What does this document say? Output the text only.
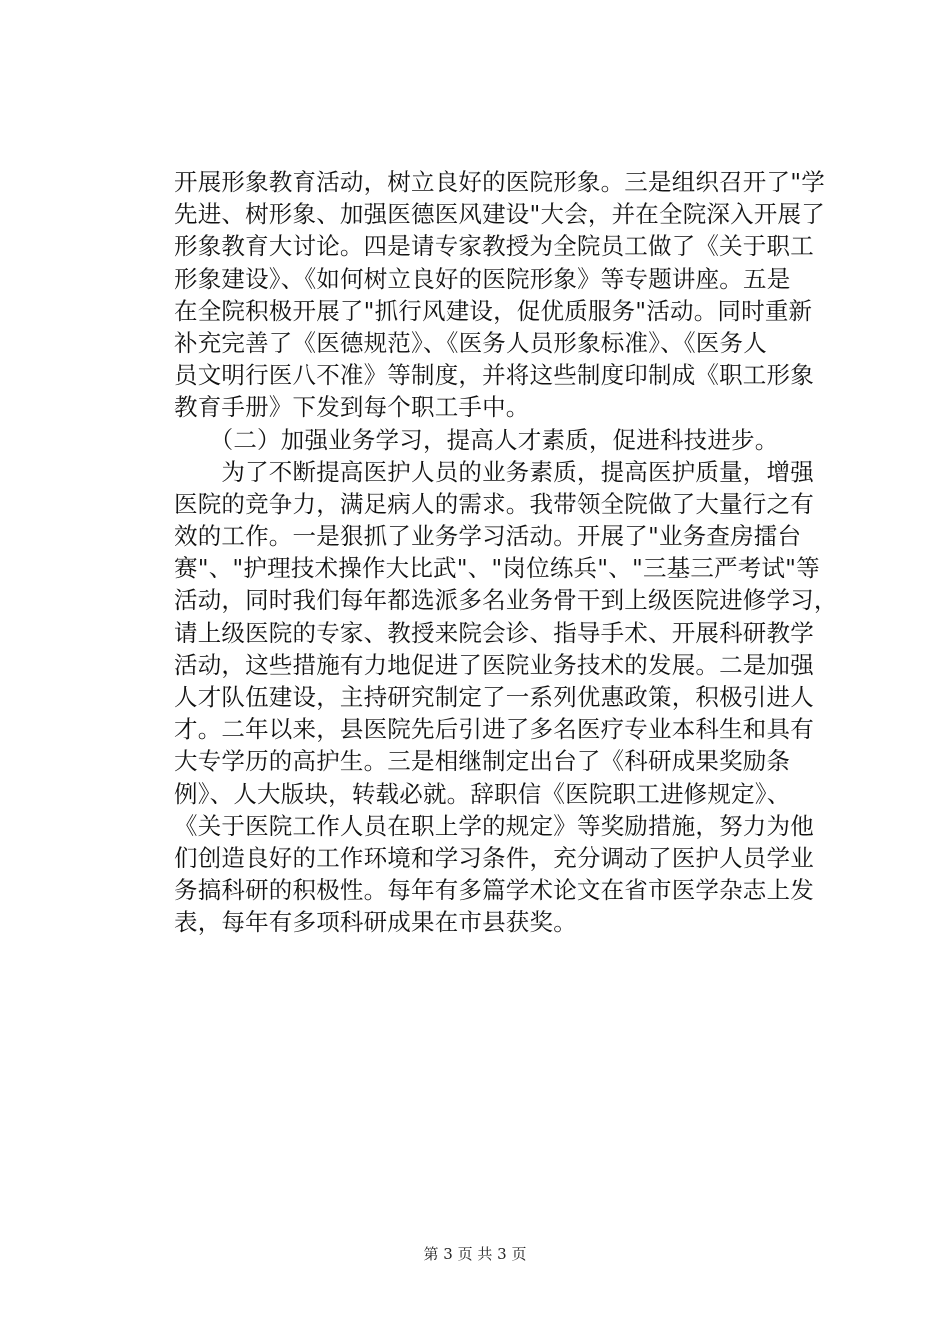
开展形象教育活动，树立良好的医院形象。三是组织召开了"学
先进、树形象、加强医德医风建设"大会，并在全院深入开展了
形象教育大讨论。四是请专家教授为全院员工做了《关于职工
形象建设》、《如何树立良好的医院形象》等专题讲座。五是
在全院积极开展了"抓行风建设，促优质服务"活动。同时重新
补充完善了《医德规范》、《医务人员形象标准》、《医务人
员文明行医八不准》等制度，并将这些制度印制成《职工形象
教育手册》下发到每个职工手中。
　　（二）加强业务学习，提高人才素质，促进科技进步。
　　为了不断提高医护人员的业务素质，提高医护质量，增强
医院的竞争力，满足病人的需求。我带领全院做了大量行之有
效的工作。一是狠抓了业务学习活动。开展了"业务查房擂台
赛"、"护理技术操作大比武"、"岗位练兵"、"三基三严考试"等
活动，同时我们每年都选派多名业务骨干到上级医院进修学习，
请上级医院的专家、教授来院会诊、指导手术、开展科研教学
活动，这些措施有力地促进了医院业务技术的发展。二是加强
人才队伍建设，主持研究制定了一系列优惠政策，积极引进人
才。二年以来，县医院先后引进了多名医疗专业本科生和具有
大专学历的高护生。三是相继制定出台了《科研成果奖励条
例》、人大版块，转载必就。辞职信《医院职工进修规定》、
《关于医院工作人员在职上学的规定》等奖励措施，努力为他
们创造良好的工作环境和学习条件，充分调动了医护人员学业
务搞科研的积极性。每年有多篇学术论文在省市医学杂志上发
表，每年有多项科研成果在市县获奖。
第 3 页 共 3 页
